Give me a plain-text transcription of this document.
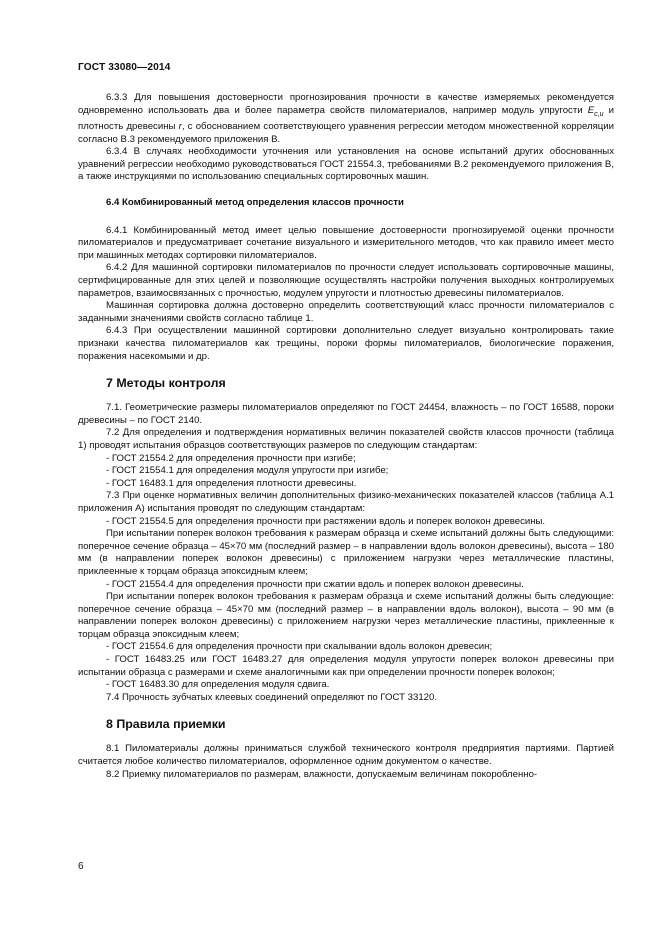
ГОСТ 33080—2014

6.3.3 Для повышения достоверности прогнозирования прочности в качестве измеряемых рекомендуется одновременно использовать два и более параметра свойств пиломатериалов, например модуль упругости $E_{с,и}$ и плотность древесины r, с обоснованием соответствующего уравнения регрессии методом множественной корреляции согласно В.3 рекомендуемого приложения В.

6.3.4 В случаях необходимости уточнения или установления на основе испытаний других обоснованных уравнений регрессии необходимо руководствоваться ГОСТ 21554.3, требованиями В.2 рекомендуемого приложения В, а также инструкциями по использованию специальных сортировочных машин.

6.4 Комбинированный метод определения классов прочности

6.4.1 Комбинированный метод имеет целью повышение достоверности прогнозируемой оценки прочности пиломатериалов и предусматривает сочетание визуального и измерительного методов, что как правило имеет место при машинных методах сортировки пиломатериалов.

6.4.2 Для машинной сортировки пиломатериалов по прочности следует использовать сортировочные машины, сертифицированные для этих целей и позволяющие осуществлять настройки получения выходных контролируемых параметров, взаимосвязанных с прочностью, модулем упругости и плотностью древесины пиломатериалов.

Машинная сортировка должна достоверно определить соответствующий класс прочности пиломатериалов с заданными значениями свойств согласно таблице 1.

6.4.3 При осуществлении машинной сортировки дополнительно следует визуально контролировать такие признаки качества пиломатериалов как трещины, пороки формы пиломатериалов, биологические поражения, поражения насекомыми и др.

7 Методы контроля

7.1. Геометрические размеры пиломатериалов определяют по ГОСТ 24454, влажность – по ГОСТ 16588, пороки древесины – по ГОСТ 2140.

7.2 Для определения и подтверждения нормативных величин показателей свойств классов прочности (таблица 1) проводят испытания образцов соответствующих размеров по следующим стандартам:

- ГОСТ 21554.2 для определения прочности при изгибе;

- ГОСТ 21554.1 для определения модуля упругости при изгибе;

- ГОСТ 16483.1 для определения плотности древесины.

7.3 При оценке нормативных величин дополнительных физико-механических показателей классов (таблица А.1 приложения А) испытания проводят по следующим стандартам:

- ГОСТ 21554.5 для определения прочности при растяжении вдоль и поперек волокон древесины.

При испытании поперек волокон требования к размерам образца и схеме испытаний должны быть следующими: поперечное сечение образца – 45×70 мм (последний размер – в направлении вдоль волокон древесины), высота – 180 мм (в направлении поперек волокон древесины) с приложением нагрузки через металлические пластины, приклеенные к торцам образца эпоксидным клеем;

- ГОСТ 21554.4 для определения прочности при сжатии вдоль и поперек волокон древесины.

При испытании поперек волокон требования к размерам образца и схеме испытаний должны быть следующие: поперечное сечение образца – 45×70 мм (последний размер – в направлении вдоль волокон), высота – 90 мм (в направлении поперек волокон древесины) с приложением нагрузки через металлические пластины, приклеенные к торцам образца эпоксидным клеем;

- ГОСТ 21554.6 для определения прочности при скалывании вдоль волокон древесин;

- ГОСТ 16483.25 или ГОСТ 16483.27 для определения модуля упругости поперек волокон древесины при испытании образца с размерами и схеме аналогичными как при определении прочности поперек волокон;

- ГОСТ 16483.30 для определения модуля сдвига.

7.4 Прочность зубчатых клеевых соединений определяют по ГОСТ 33120.

8 Правила приемки

8.1 Пиломатериалы должны приниматься службой технического контроля предприятия партиями. Партией считается любое количество пиломатериалов, оформленное одним документом о качестве.

8.2 Приемку пиломатериалов по размерам, влажности, допускаемым величинам покоробленно-

6
